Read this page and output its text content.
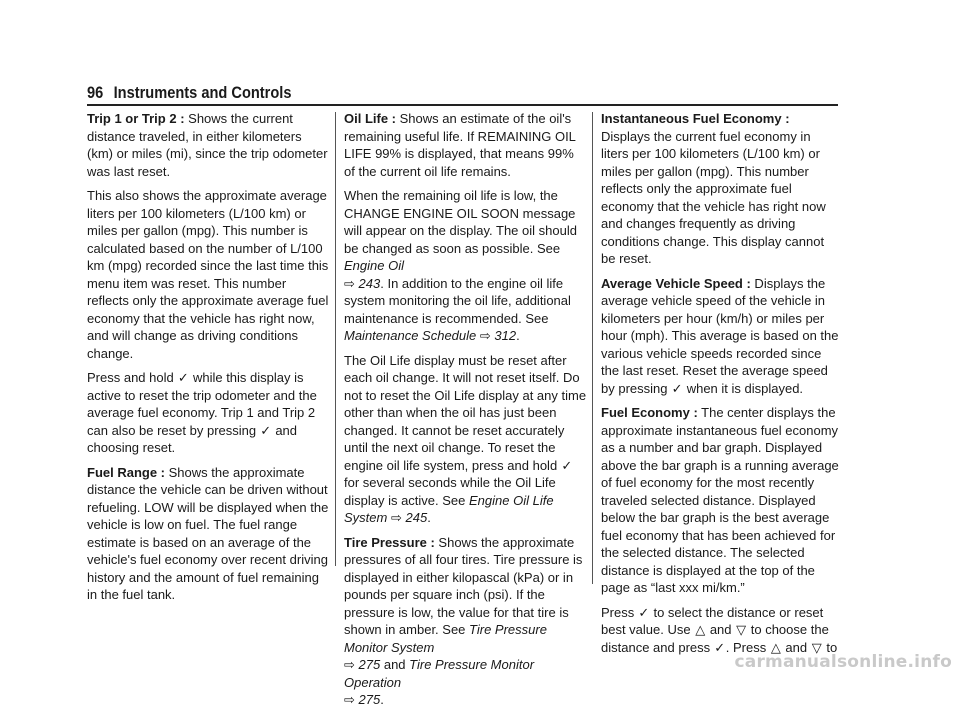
96 Instruments and Controls

Trip 1 or Trip 2 : Shows the current distance traveled, in either kilometers (km) or miles (mi), since the trip odometer was last reset.

This also shows the approximate average liters per 100 kilometers (L/100 km) or miles per gallon (mpg). This number is calculated based on the number of L/100 km (mpg) recorded since the last time this menu item was reset. This number reflects only the approximate average fuel economy that the vehicle has right now, and will change as driving conditions change.

Press and hold ✓ while this display is active to reset the trip odometer and the average fuel economy. Trip 1 and Trip 2 can also be reset by pressing ✓ and choosing reset.

Fuel Range : Shows the approximate distance the vehicle can be driven without refueling. LOW will be displayed when the vehicle is low on fuel. The fuel range estimate is based on an average of the vehicle's fuel economy over recent driving history and the amount of fuel remaining in the fuel tank.

Oil Life : Shows an estimate of the oil's remaining useful life. If REMAINING OIL LIFE 99% is displayed, that means 99% of the current oil life remains.

When the remaining oil life is low, the CHANGE ENGINE OIL SOON message will appear on the display. The oil should be changed as soon as possible. See Engine Oil
⇨ 243. In addition to the engine oil life system monitoring the oil life, additional maintenance is recommended. See Maintenance Schedule ⇨ 312.

The Oil Life display must be reset after each oil change. It will not reset itself. Do not to reset the Oil Life display at any time other than when the oil has just been changed. It cannot be reset accurately until the next oil change. To reset the engine oil life system, press and hold ✓ for several seconds while the Oil Life display is active. See Engine Oil Life System ⇨ 245.

Tire Pressure : Shows the approximate pressures of all four tires. Tire pressure is displayed in either kilopascal (kPa) or in pounds per square inch (psi). If the pressure is low, the value for that tire is shown in amber. See Tire Pressure Monitor System
⇨ 275 and Tire Pressure Monitor Operation
⇨ 275.

Instantaneous Fuel Economy : Displays the current fuel economy in liters per 100 kilometers (L/100 km) or miles per gallon (mpg). This number reflects only the approximate fuel economy that the vehicle has right now and changes frequently as driving conditions change. This display cannot be reset.

Average Vehicle Speed : Displays the average vehicle speed of the vehicle in kilometers per hour (km/h) or miles per hour (mph). This average is based on the various vehicle speeds recorded since the last reset. Reset the average speed by pressing ✓ when it is displayed.

Fuel Economy : The center displays the approximate instantaneous fuel economy as a number and bar graph. Displayed above the bar graph is a running average of fuel economy for the most recently traveled selected distance. Displayed below the bar graph is the best average fuel economy that has been achieved for the selected distance. The selected distance is displayed at the top of the page as “last xxx mi/km.”

Press ✓ to select the distance or reset best value. Use △ and ▽ to choose the distance and press ✓. Press △ and ▽ to

carmanualsonline.info
